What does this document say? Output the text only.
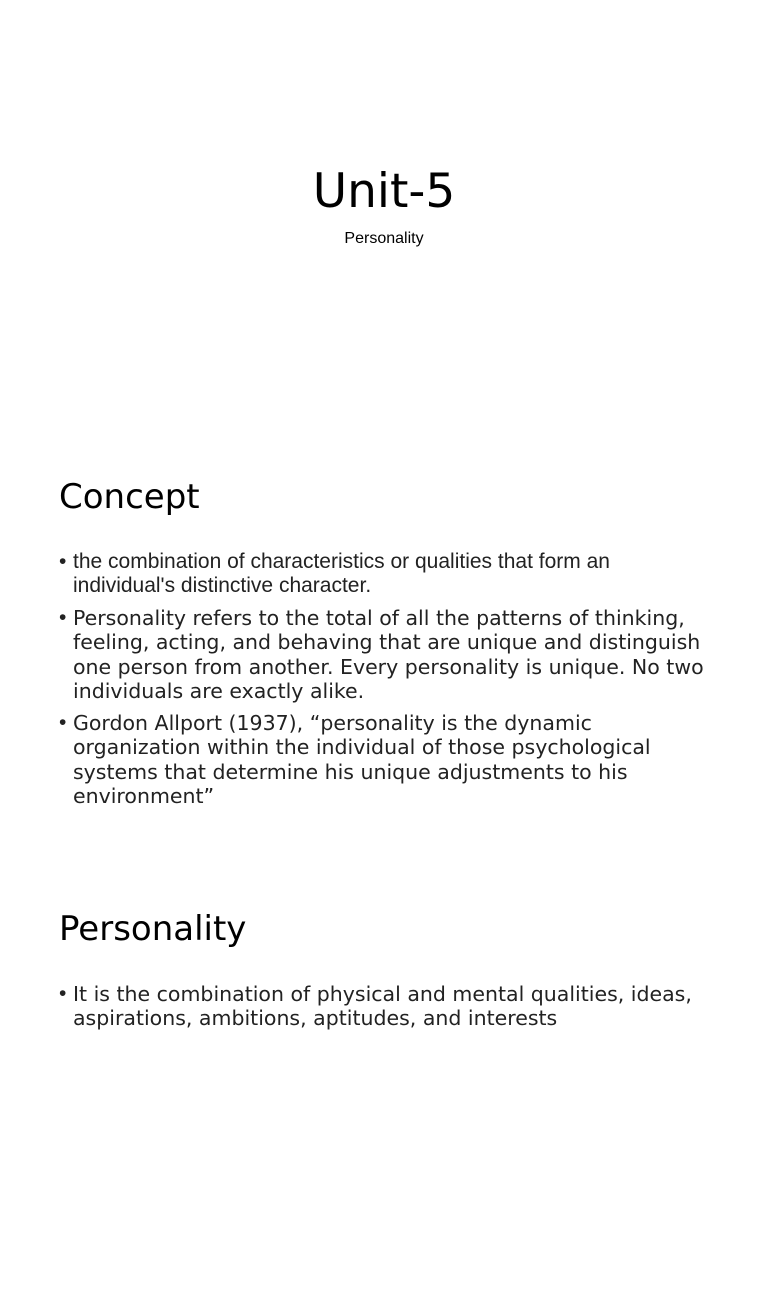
Unit-5
Personality
Concept
• the combination of characteristics or qualities that form an individual's distinctive character.
• Personality refers to the total of all the patterns of thinking, feeling, acting, and behaving that are unique and distinguish one person from another. Every personality is unique. No two individuals are exactly alike.
• Gordon Allport (1937), “personality is the dynamic organization within the individual of those psychological systems that determine his unique adjustments to his environment”
Personality
• It is the combination of physical and mental qualities, ideas, aspirations, ambitions, aptitudes, and interests
